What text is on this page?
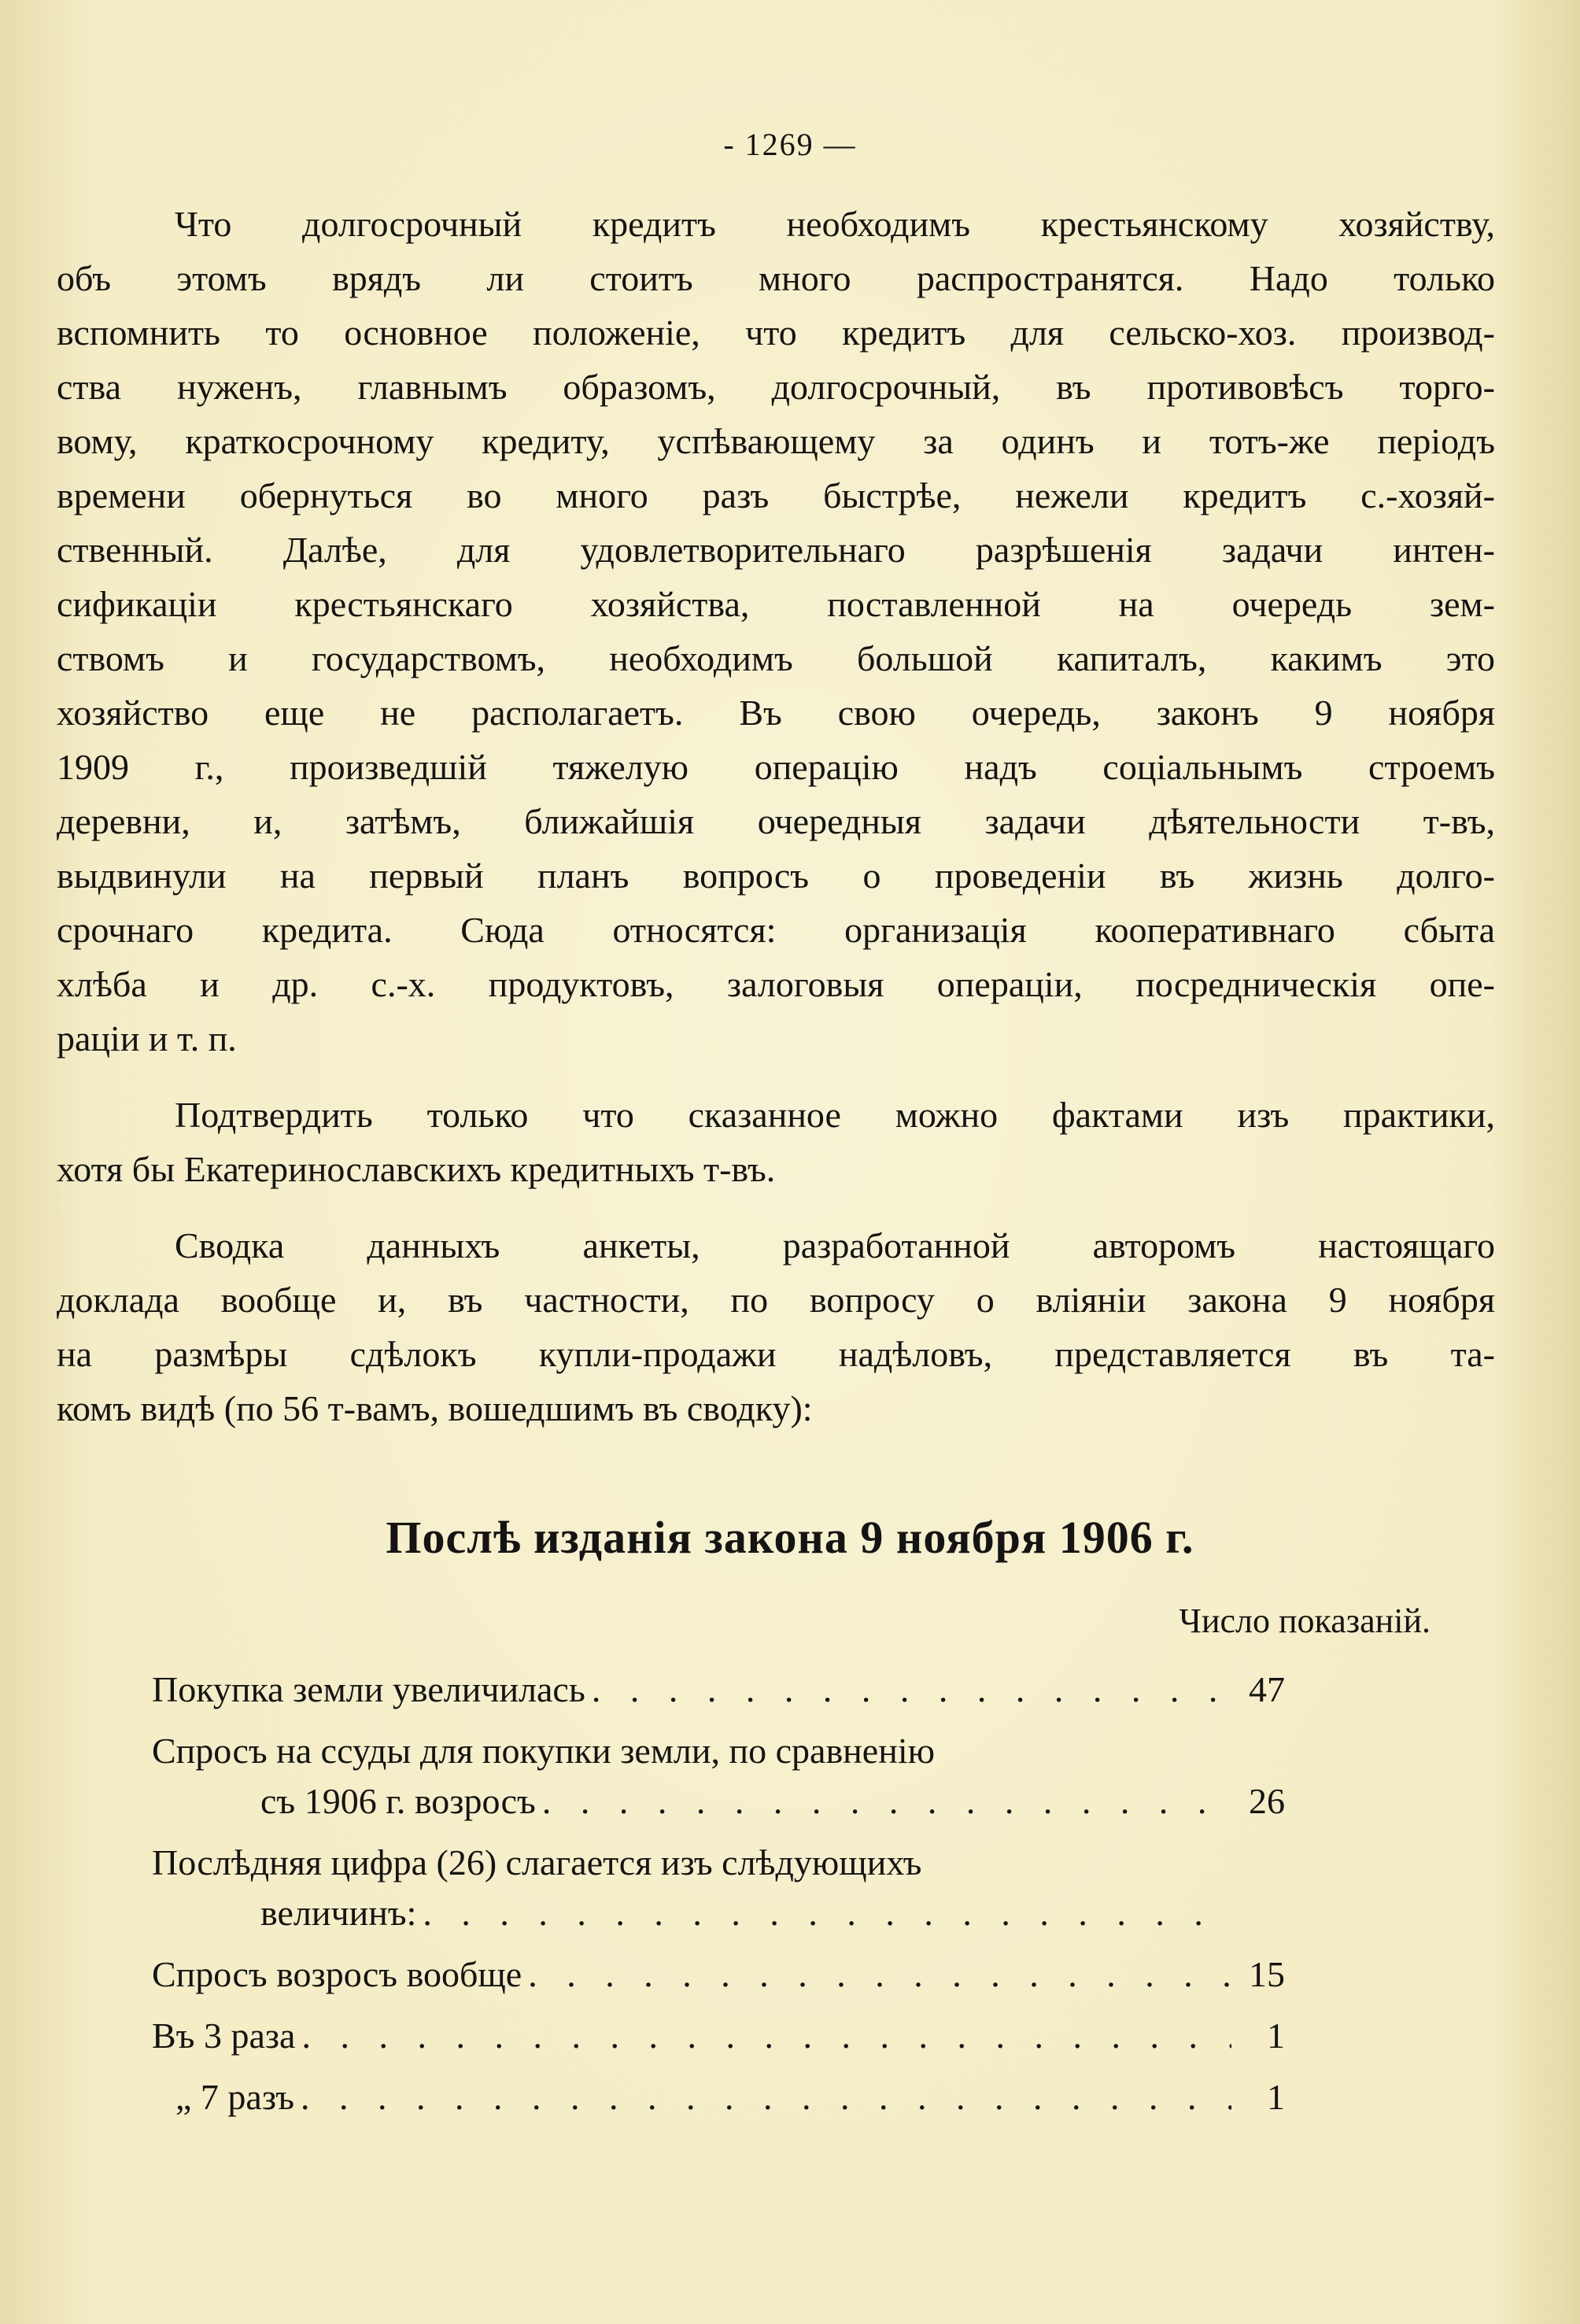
- 1269 —

Что долгосрочный кредитъ необходимъ крестьянскому хозяйству,
объ этомъ врядъ ли стоитъ много распространятся. Надо только
вспомнить то основное положеніе, что кредитъ для сельско-хоз. производ-
ства нуженъ, главнымъ образомъ, долгосрочный, въ противовѣсъ торго-
вому, краткосрочному кредиту, успѣвающему за одинъ и тотъ-же періодъ
времени обернуться во много разъ быстрѣе, нежели кредитъ с.-хозяй-
ственный. Далѣе, для удовлетворительнаго разрѣшенія задачи интен-
сификаціи крестьянскаго хозяйства, поставленной на очередь зем-
ствомъ и государствомъ, необходимъ большой капиталъ, какимъ это
хозяйство еще не располагаетъ. Въ свою очередь, законъ 9 ноября
1909 г., произведшій тяжелую операцію надъ соціальнымъ строемъ
деревни, и, затѣмъ, ближайшія очередныя задачи дѣятельности т-въ,
выдвинули на первый планъ вопросъ о проведеніи въ жизнь долго-
срочнаго кредита. Сюда относятся: организація кооперативнаго сбыта
хлѣба и др. с.-х. продуктовъ, залоговыя операціи, посредническія опе-
раціи и т. п.

Подтвердить только что сказанное можно фактами изъ практики,
хотя бы Екатеринославскихъ кредитныхъ т-въ.

Сводка данныхъ анкеты, разработанной авторомъ настоящаго
доклада вообще и, въ частности, по вопросу о вліяніи закона 9 ноября
на размѣры сдѣлокъ купли-продажи надѣловъ, представляется въ та-
комъ видѣ (по 56 т-вамъ, вошедшимъ въ сводку):

Послѣ изданія закона 9 ноября 1906 г.
Число показаній.
Покупка земли увеличилась . . .	47
Спросъ на ссуды для покупки земли, по сравненію
съ 1906 г. возросъ . . .	26
Послѣдняя цифра (26) слагается изъ слѣдующихъ
величинъ:
. . .
Спросъ возросъ вообще . . .	15
Въ 3 раза . . .	1
„ 7 разъ . . .	1
